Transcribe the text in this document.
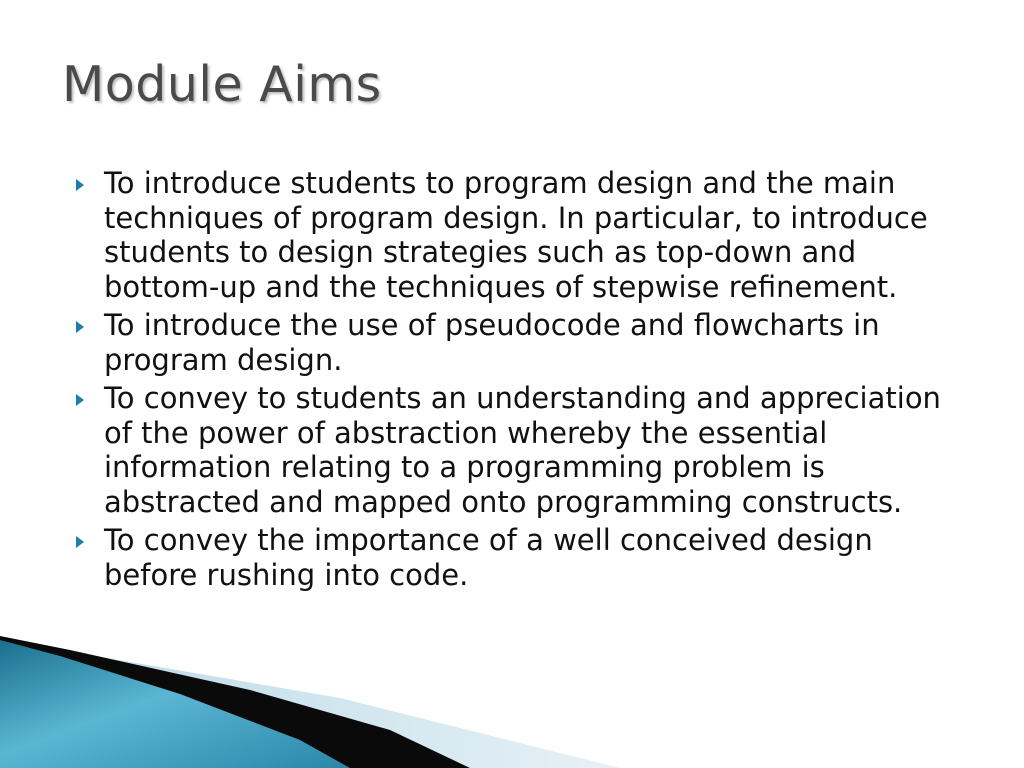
Module Aims
To introduce students to program design and the main techniques of program design. In particular, to introduce students to design strategies such as top-down and bottom-up and the techniques of stepwise refinement.
To introduce the use of pseudocode and flowcharts in program design.
To convey to students an understanding and appreciation of the power of abstraction whereby the essential information relating to a programming problem is abstracted and mapped onto programming constructs.
To convey the importance of a well conceived design before rushing into code.
